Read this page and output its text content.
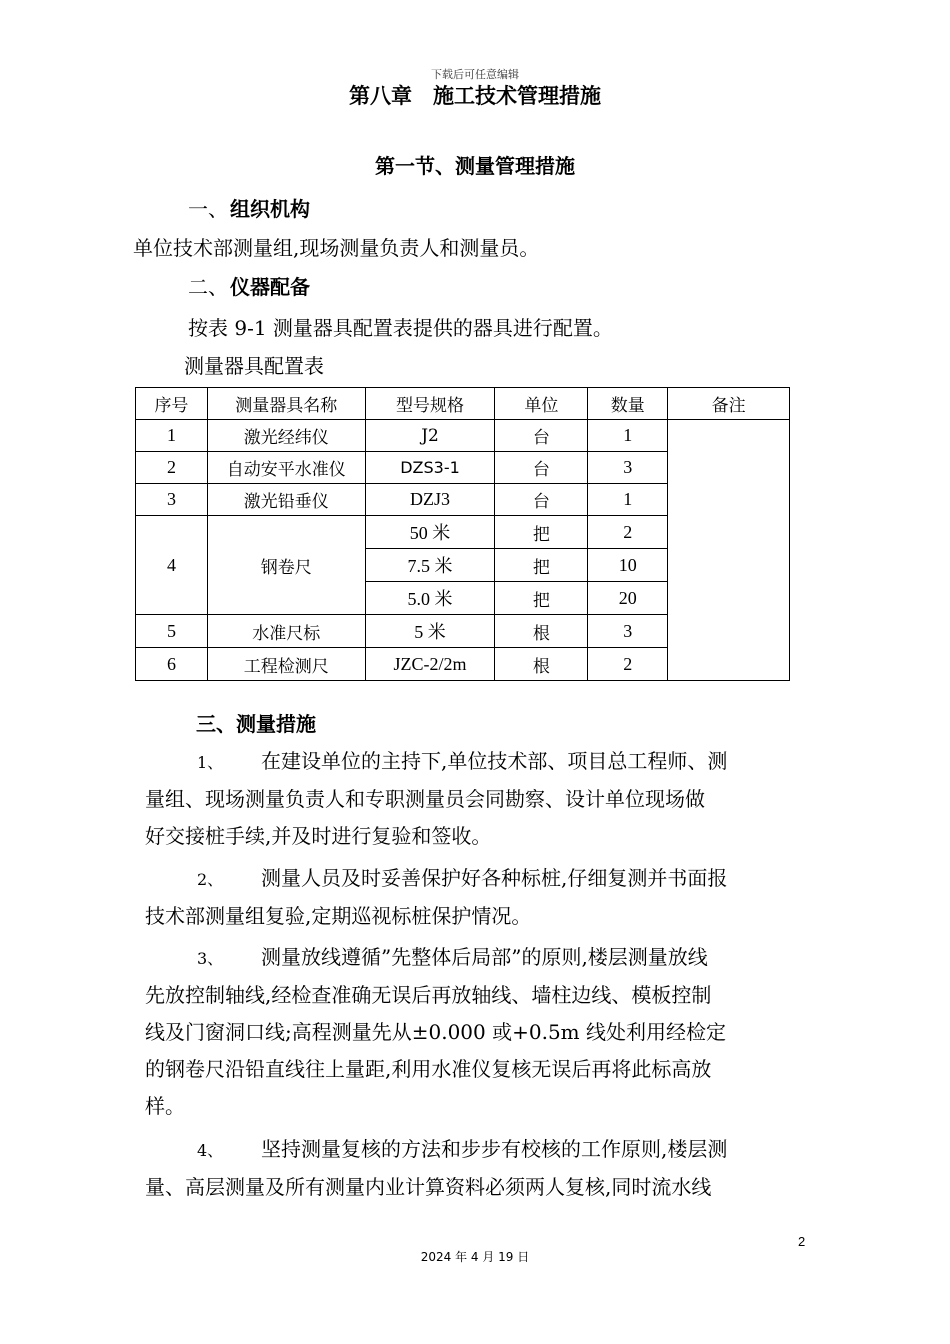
下载后可任意编辑
第八章　施工技术管理措施
第一节、测量管理措施
一、 组织机构
单位技术部测量组,现场测量负责人和测量员。
二、 仪器配备
按表 9-1 测量器具配置表提供的器具进行配置。
测量器具配置表
序号	测量器具名称	型号规格	单位	数量	备注
1	激光经纬仪	J2	台	1	
2	自动安平水准仪	DZS3-1	台	3	
3	激光铅垂仪	DZJ3	台	1	
4	钢卷尺	50 米	把	2	
		7.5 米	把	10	
		5.0 米	把	20	
5	水准尺标	5 米	根	3	
6	工程检测尺	JZC-2/2m	根	2	
三、测量措施
1、 在建设单位的主持下,单位技术部、项目总工程师、测
量组、现场测量负责人和专职测量员会同勘察、设计单位现场做
好交接桩手续,并及时进行复验和签收。
2、 测量人员及时妥善保护好各种标桩,仔细复测并书面报
技术部测量组复验,定期巡视标桩保护情况。
3、 测量放线遵循”先整体后局部”的原则,楼层测量放线
先放控制轴线,经检查准确无误后再放轴线、墙柱边线、模板控制
线及门窗洞口线;高程测量先从±0.000 或+0.5m 线处利用经检定
的钢卷尺沿铅直线往上量距,利用水准仪复核无误后再将此标高放
样。
4、 坚持测量复核的方法和步步有校核的工作原则,楼层测
量、高层测量及所有测量内业计算资料必须两人复核,同时流水线
2
2024 年 4 月 19 日
